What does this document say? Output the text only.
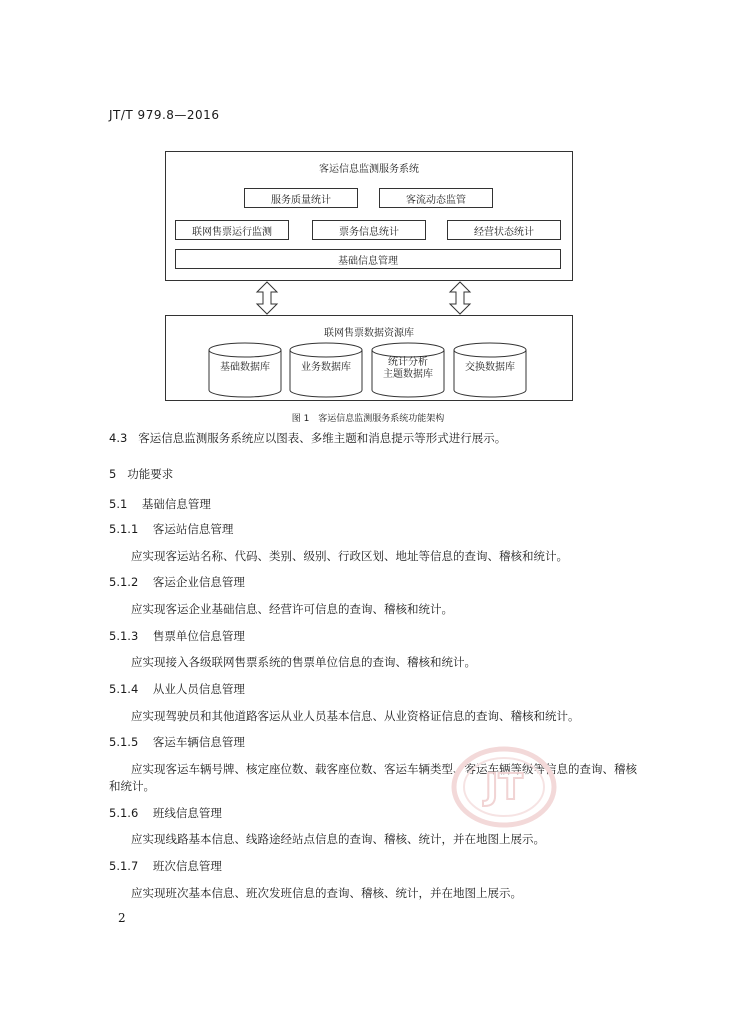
JT/T 979.8—2016
客运信息监测服务系统
服务质量统计	客流动态监管
联网售票运行监测	票务信息统计	经营状态统计
基础信息管理
联网售票数据资源库
基础数据库	业务数据库	统计分析
主题数据库
交换数据库
图 1　客运信息监测服务系统功能架构
4.3 客运信息监测服务系统应以图表、多维主题和消息提示等形式进行展示。
5 功能要求
5.1 基础信息管理
5.1.1 客运站信息管理
应实现客运站名称、代码、类别、级别、行政区划、地址等信息的查询、稽核和统计。
5.1.2 客运企业信息管理
应实现客运企业基础信息、经营许可信息的查询、稽核和统计。
5.1.3 售票单位信息管理
应实现接入各级联网售票系统的售票单位信息的查询、稽核和统计。
5.1.4 从业人员信息管理
应实现驾驶员和其他道路客运从业人员基本信息、从业资格证信息的查询、稽核和统计。
5.1.5 客运车辆信息管理
应实现客运车辆号牌、核定座位数、载客座位数、客运车辆类型、客运车辆等级等信息的查询、稽核
和统计。	JT
5.1.6 班线信息管理
应实现线路基本信息、线路途经站点信息的查询、稽核、统计，并在地图上展示。
5.1.7 班次信息管理
应实现班次基本信息、班次发班信息的查询、稽核、统计，并在地图上展示。
2
